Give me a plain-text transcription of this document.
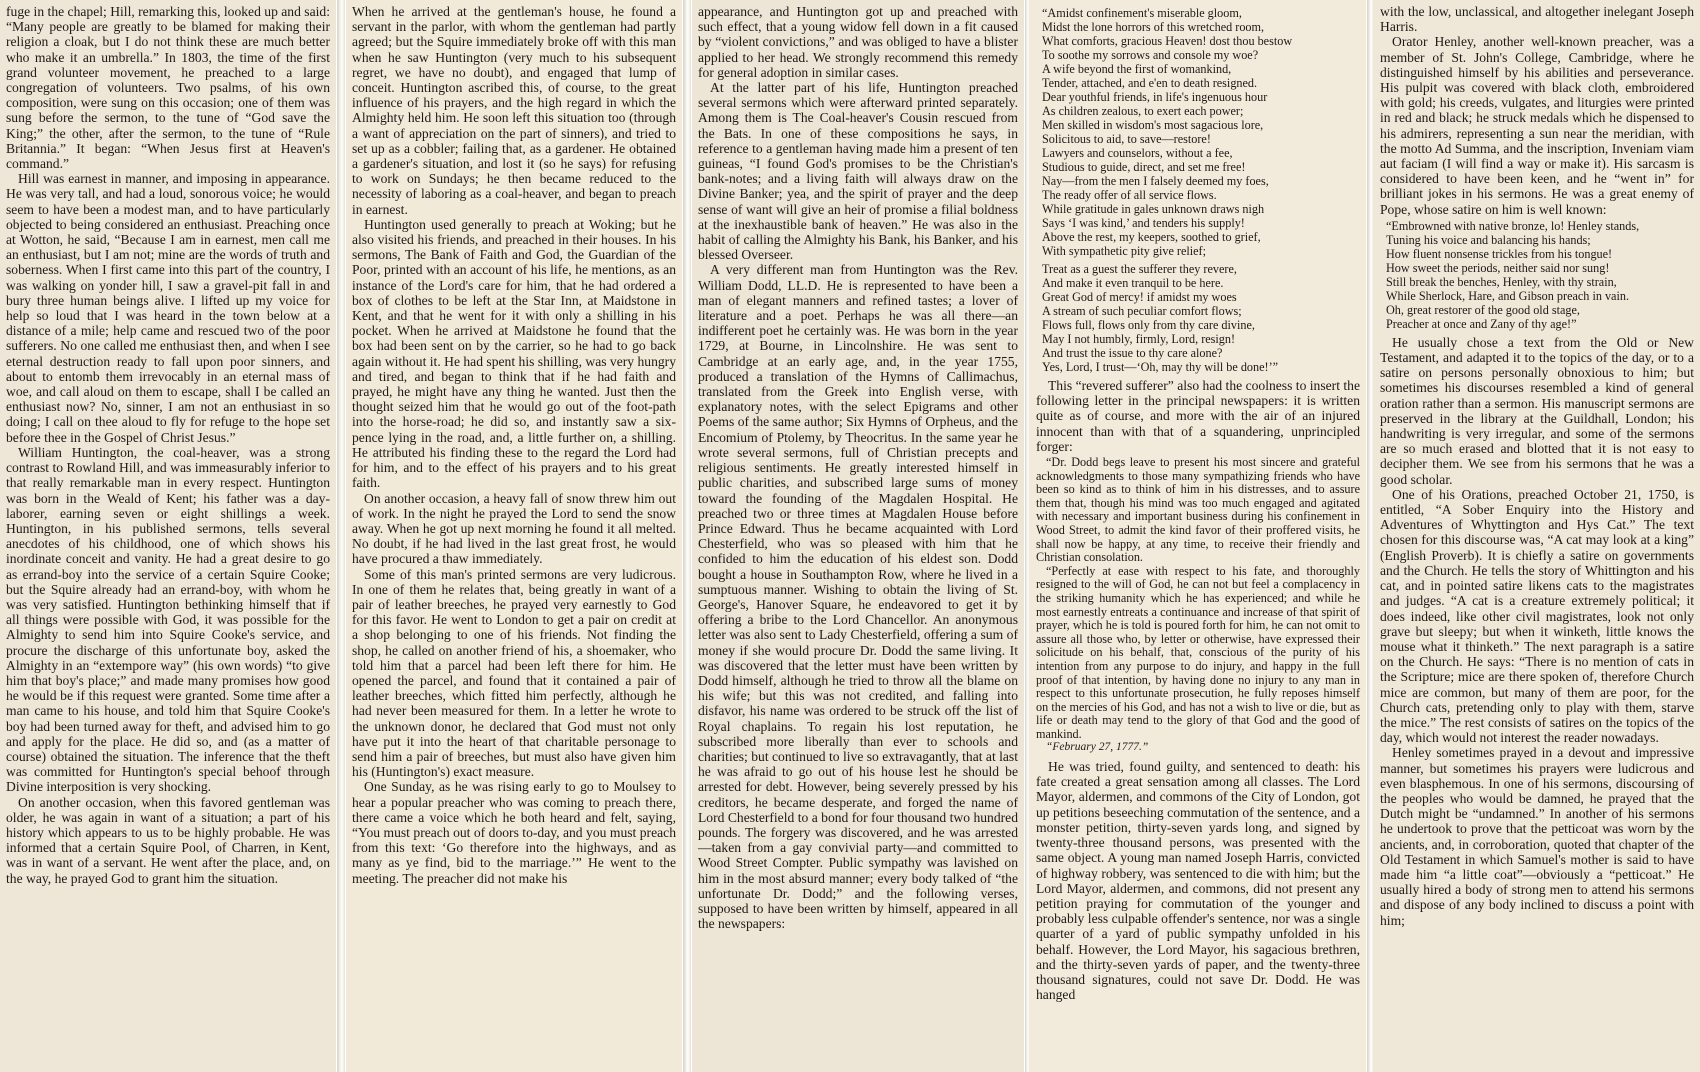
fuge in the chapel; Hill, remarking this, looked up and said: “Many people are greatly to be blamed for making their religion a cloak, but I do not think these are much better who make it an umbrella.” In 1803, the time of the first grand volunteer movement, he preached to a large congregation of volunteers. Two psalms, of his own composition, were sung on this occasion; one of them was sung before the sermon, to the tune of “God save the King;” the other, after the sermon, to the tune of “Rule Britannia.” It began: “When Jesus first at Heaven's command.”

Hill was earnest in manner, and imposing in appearance. He was very tall, and had a loud, sonorous voice; he would seem to have been a modest man, and to have particularly objected to being considered an enthusiast. Preaching once at Wotton, he said, “Because I am in earnest, men call me an enthusiast, but I am not; mine are the words of truth and soberness. When I first came into this part of the country, I was walking on yonder hill, I saw a gravel-pit fall in and bury three human beings alive. I lifted up my voice for help so loud that I was heard in the town below at a distance of a mile; help came and rescued two of the poor sufferers. No one called me enthusiast then, and when I see eternal destruction ready to fall upon poor sinners, and about to entomb them irrevocably in an eternal mass of woe, and call aloud on them to escape, shall I be called an enthusiast now? No, sinner, I am not an enthusiast in so doing; I call on thee aloud to fly for refuge to the hope set before thee in the Gospel of Christ Jesus.”

William Huntington, the coal-heaver, was a strong contrast to Rowland Hill, and was immeasurably inferior to that really remarkable man in every respect. Huntington was born in the Weald of Kent; his father was a day-laborer, earning seven or eight shillings a week. Huntington, in his published sermons, tells several anecdotes of his childhood, one of which shows his inordinate conceit and vanity. He had a great desire to go as errand-boy into the service of a certain Squire Cooke; but the Squire already had an errand-boy, with whom he was very satisfied. Huntington bethinking himself that if all things were possible with God, it was possible for the Almighty to send him into Squire Cooke's service, and procure the discharge of this unfortunate boy, asked the Almighty in an “extempore way” (his own words) “to give him that boy's place;” and made many promises how good he would be if this request were granted. Some time after a man came to his house, and told him that Squire Cooke's boy had been turned away for theft, and advised him to go and apply for the place. He did so, and (as a matter of course) obtained the situation. The inference that the theft was committed for Huntington's special behoof through Divine interposition is very shocking.

On another occasion, when this favored gentleman was older, he was again in want of a situation; a part of his history which appears to us to be highly probable. He was informed that a certain Squire Pool, of Charren, in Kent, was in want of a servant. He went after the place, and, on the way, he prayed God to grant him the situation.

When he arrived at the gentleman's house, he found a servant in the parlor, with whom the gentleman had partly agreed; but the Squire immediately broke off with this man when he saw Huntington (very much to his subsequent regret, we have no doubt), and engaged that lump of conceit. Huntington ascribed this, of course, to the great influence of his prayers, and the high regard in which the Almighty held him. He soon left this situation too (through a want of appreciation on the part of sinners), and tried to set up as a cobbler; failing that, as a gardener. He obtained a gardener's situation, and lost it (so he says) for refusing to work on Sundays; he then became reduced to the necessity of laboring as a coal-heaver, and began to preach in earnest.

Huntington used generally to preach at Woking; but he also visited his friends, and preached in their houses. In his sermons, The Bank of Faith and God, the Guardian of the Poor, printed with an account of his life, he mentions, as an instance of the Lord's care for him, that he had ordered a box of clothes to be left at the Star Inn, at Maidstone in Kent, and that he went for it with only a shilling in his pocket. When he arrived at Maidstone he found that the box had been sent on by the carrier, so he had to go back again without it. He had spent his shilling, was very hungry and tired, and began to think that if he had faith and prayed, he might have any thing he wanted. Just then the thought seized him that he would go out of the foot-path into the horse-road; he did so, and instantly saw a six-pence lying in the road, and, a little further on, a shilling. He attributed his finding these to the regard the Lord had for him, and to the effect of his prayers and to his great faith.

On another occasion, a heavy fall of snow threw him out of work. In the night he prayed the Lord to send the snow away. When he got up next morning he found it all melted. No doubt, if he had lived in the last great frost, he would have procured a thaw immediately.

Some of this man's printed sermons are very ludicrous. In one of them he relates that, being greatly in want of a pair of leather breeches, he prayed very earnestly to God for this favor. He went to London to get a pair on credit at a shop belonging to one of his friends. Not finding the shop, he called on another friend of his, a shoemaker, who told him that a parcel had been left there for him. He opened the parcel, and found that it contained a pair of leather breeches, which fitted him perfectly, although he had never been measured for them. In a letter he wrote to the unknown donor, he declared that God must not only have put it into the heart of that charitable personage to send him a pair of breeches, but must also have given him his (Huntington's) exact measure.

One Sunday, as he was rising early to go to Moulsey to hear a popular preacher who was coming to preach there, there came a voice which he both heard and felt, saying, “You must preach out of doors to-day, and you must preach from this text: ‘Go therefore into the highways, and as many as ye find, bid to the marriage.’” He went to the meeting. The preacher did not make his

appearance, and Huntington got up and preached with such effect, that a young widow fell down in a fit caused by “violent convictions,” and was obliged to have a blister applied to her head. We strongly recommend this remedy for general adoption in similar cases.

At the latter part of his life, Huntington preached several sermons which were afterward printed separately. Among them is The Coal-heaver's Cousin rescued from the Bats. In one of these compositions he says, in reference to a gentleman having made him a present of ten guineas, “I found God's promises to be the Christian's bank-notes; and a living faith will always draw on the Divine Banker; yea, and the spirit of prayer and the deep sense of want will give an heir of promise a filial boldness at the inexhaustible bank of heaven.” He was also in the habit of calling the Almighty his Bank, his Banker, and his blessed Overseer.

A very different man from Huntington was the Rev. William Dodd, LL.D. He is represented to have been a man of elegant manners and refined tastes; a lover of literature and a poet. Perhaps he was all there—an indifferent poet he certainly was. He was born in the year 1729, at Bourne, in Lincolnshire. He was sent to Cambridge at an early age, and, in the year 1755, produced a translation of the Hymns of Callimachus, translated from the Greek into English verse, with explanatory notes, with the select Epigrams and other Poems of the same author; Six Hymns of Orpheus, and the Encomium of Ptolemy, by Theocritus. In the same year he wrote several sermons, full of Christian precepts and religious sentiments. He greatly interested himself in public charities, and subscribed large sums of money toward the founding of the Magdalen Hospital. He preached two or three times at Magdalen House before Prince Edward. Thus he became acquainted with Lord Chesterfield, who was so pleased with him that he confided to him the education of his eldest son. Dodd bought a house in Southampton Row, where he lived in a sumptuous manner. Wishing to obtain the living of St. George's, Hanover Square, he endeavored to get it by offering a bribe to the Lord Chancellor. An anonymous letter was also sent to Lady Chesterfield, offering a sum of money if she would procure Dr. Dodd the same living. It was discovered that the letter must have been written by Dodd himself, although he tried to throw all the blame on his wife; but this was not credited, and falling into disfavor, his name was ordered to be struck off the list of Royal chaplains. To regain his lost reputation, he subscribed more liberally than ever to schools and charities; but continued to live so extravagantly, that at last he was afraid to go out of his house lest he should be arrested for debt. However, being severely pressed by his creditors, he became desperate, and forged the name of Lord Chesterfield to a bond for four thousand two hundred pounds. The forgery was discovered, and he was arrested—taken from a gay convivial party—and committed to Wood Street Compter. Public sympathy was lavished on him in the most absurd manner; every body talked of “the unfortunate Dr. Dodd;” and the following verses, supposed to have been written by himself, appeared in all the newspapers:

“Amidst confinement's miserable gloom,
Midst the lone horrors of this wretched room,
What comforts, gracious Heaven! dost thou bestow
To soothe my sorrows and console my woe?
A wife beyond the first of womankind,
Tender, attached, and e'en to death resigned.
Dear youthful friends, in life's ingenuous hour
As children zealous, to exert each power;
Men skilled in wisdom's most sagacious lore,
Solicitous to aid, to save—restore!
Lawyers and counselors, without a fee,
Studious to guide, direct, and set me free!
Nay—from the men I falsely deemed my foes,
The ready offer of all service flows.
While gratitude in gales unknown draws nigh
Says ‘I was kind,’ and tenders his supply!
Above the rest, my keepers, soothed to grief,
With sympathetic pity give relief;
Treat as a guest the sufferer they revere,
And make it even tranquil to be here.
Great God of mercy! if amidst my woes
A stream of such peculiar comfort flows;
Flows full, flows only from thy care divine,
May I not humbly, firmly, Lord, resign!
And trust the issue to thy care alone?
Yes, Lord, I trust—‘Oh, may thy will be done!’”

This “revered sufferer” also had the coolness to insert the following letter in the principal newspapers: it is written quite as of course, and more with the air of an injured innocent than with that of a squandering, unprincipled forger:

“Dr. Dodd begs leave to present his most sincere and grateful acknowledgments to those many sympathizing friends who have been so kind as to think of him in his distresses, and to assure them that, though his mind was too much engaged and agitated with necessary and important business during his confinement in Wood Street, to admit the kind favor of their proffered visits, he shall now be happy, at any time, to receive their friendly and Christian consolation.

“Perfectly at ease with respect to his fate, and thoroughly resigned to the will of God, he can not but feel a complacency in the striking humanity which he has experienced; and while he most earnestly entreats a continuance and increase of that spirit of prayer, which he is told is poured forth for him, he can not omit to assure all those who, by letter or otherwise, have expressed their solicitude on his behalf, that, conscious of the purity of his intention from any purpose to do injury, and happy in the full proof of that intention, by having done no injury to any man in respect to this unfortunate prosecution, he fully reposes himself on the mercies of his God, and has not a wish to live or die, but as life or death may tend to the glory of that God and the good of mankind.

“February 27, 1777.”

He was tried, found guilty, and sentenced to death: his fate created a great sensation among all classes. The Lord Mayor, aldermen, and commons of the City of London, got up petitions beseeching commutation of the sentence, and a monster petition, thirty-seven yards long, and signed by twenty-three thousand persons, was presented with the same object. A young man named Joseph Harris, convicted of highway robbery, was sentenced to die with him; but the Lord Mayor, aldermen, and commons, did not present any petition praying for commutation of the younger and probably less culpable offender's sentence, nor was a single quarter of a yard of public sympathy unfolded in his behalf. However, the Lord Mayor, his sagacious brethren, and the thirty-seven yards of paper, and the twenty-three thousand signatures, could not save Dr. Dodd. He was hanged

with the low, unclassical, and altogether inelegant Joseph Harris.

Orator Henley, another well-known preacher, was a member of St. John's College, Cambridge, where he distinguished himself by his abilities and perseverance. His pulpit was covered with black cloth, embroidered with gold; his creeds, vulgates, and liturgies were printed in red and black; he struck medals which he dispensed to his admirers, representing a sun near the meridian, with the motto Ad Summa, and the inscription, Inveniam viam aut faciam (I will find a way or make it). His sarcasm is considered to have been keen, and he “went in” for brilliant jokes in his sermons. He was a great enemy of Pope, whose satire on him is well known:

“Embrowned with native bronze, lo! Henley stands,
Tuning his voice and balancing his hands;
How fluent nonsense trickles from his tongue!
How sweet the periods, neither said nor sung!
Still break the benches, Henley, with thy strain,
While Sherlock, Hare, and Gibson preach in vain.
Oh, great restorer of the good old stage,
Preacher at once and Zany of thy age!”

He usually chose a text from the Old or New Testament, and adapted it to the topics of the day, or to a satire on persons personally obnoxious to him; but sometimes his discourses resembled a kind of general oration rather than a sermon. His manuscript sermons are preserved in the library at the Guildhall, London; his handwriting is very irregular, and some of the sermons are so much erased and blotted that it is not easy to decipher them. We see from his sermons that he was a good scholar.

One of his Orations, preached October 21, 1750, is entitled, “A Sober Enquiry into the History and Adventures of Whyttington and Hys Cat.” The text chosen for this discourse was, “A cat may look at a king” (English Proverb). It is chiefly a satire on governments and the Church. He tells the story of Whittington and his cat, and in pointed satire likens cats to the magistrates and judges. “A cat is a creature extremely political; it does indeed, like other civil magistrates, look not only grave but sleepy; but when it winketh, little knows the mouse what it thinketh.” The next paragraph is a satire on the Church. He says: “There is no mention of cats in the Scripture; mice are there spoken of, therefore Church mice are common, but many of them are poor, for the Church cats, pretending only to play with them, starve the mice.” The rest consists of satires on the topics of the day, which would not interest the reader nowadays.

Henley sometimes prayed in a devout and impressive manner, but sometimes his prayers were ludicrous and even blasphemous. In one of his sermons, discoursing of the peoples who would be damned, he prayed that the Dutch might be “undamned.” In another of his sermons he undertook to prove that the petticoat was worn by the ancients, and, in corroboration, quoted that chapter of the Old Testament in which Samuel's mother is said to have made him “a little coat”—obviously a “petticoat.” He usually hired a body of strong men to attend his sermons and dispose of any body inclined to discuss a point with him;
